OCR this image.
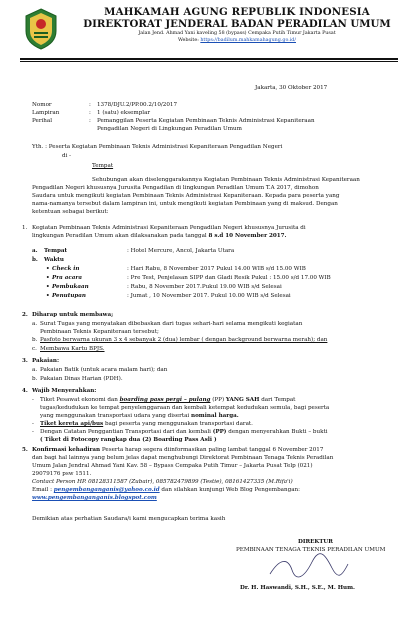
MAHKAMAH AGUNG REPUBLIK INDONESIA
DIREKTORAT JENDERAL BADAN PERADILAN UMUM
Jalan Jend. Ahmad Yani kaveling 58 (bypass) Cempaka Putih Timur Jakarta Pusat
Website: https://badilum.mahkamahagung.go.id/
Jakarta, 30 Oktober 2017
Nomor	: 1378/DJU.2/PP.00.2/10/2017
Lampiran	: 1 (satu) eksemplar
Perihal	: Pemanggilan Peserta Kegiatan Pembinaan Teknis Administrasi Kepaniteraan
Pengadilan Negeri di Lingkungan Peradilan Umum
Yth. : Peserta Kegiatan Pembinaan Teknis Administrasi Kepaniteraan Pengadilan Negeri
di -
Tempat
Sehubungan akan diselenggarakannya Kegiatan Pembinaan Teknis Administrasi Kepaniteraan
Pengadilan Negeri khususnya Jurusita Pengadilan di lingkungan Peradilan Umum T.A 2017, dimohon
Saudara untuk mengikuti kegiatan Pembinaan Teknis Administrasi Kepaniteraan. Kepada para peserta yang
nama-namanya tersebut dalam lampiran ini, untuk mengikuti kegiatan Pembinaan yang di maksud. Dengan
ketentuan sebagai berikut:
1. Kegiatan Pembinaan Teknis Administrasi Kepaniteraan Pengadilan Negeri khususnya Jurusita di
lingkungan Peradilan Umum akan dilaksanakan pada tanggal 8 s.d 10 November 2017.
a. Tempat	: Hotel Mercure, Ancol, Jakarta Utara
b. Waktu
• Check in	: Hari Rabu, 8 November 2017 Pukul 14.00 WIB s/d 15.00 WIB
• Pra acara	: Pre Test, Penjelasan SIPP dan Gladi Resik Pukul : 15.00 s/d 17.00 WIB
• Pembukaan	: Rabu, 8 November 2017.Pukul 19.00 WIB s/d Selesai
• Penutupan	: Jumat , 10 November 2017. Pukul 10.00 WIB s/d Selesai
2. Diharap untuk membawa;
a. Surat Tugas yang menyatakan dibebaskan dari tugas sehari-hari selama mengikuti kegiatan
Pembinaan Teknis Kepaniteraan tersebut;
b. Pasfoto berwarna ukuran 3 x 4 sebanyak 2 (dua) lembar ( dengan background berwarna merah); dan
c. Membawa Kartu BPJS.
3. Pakaian:
a. Pakaian Batik (untuk acara malam hari); dan
b. Pakaian Dinas Harian (PDH).
4. Wajib Menyerahkan:
- Tiket Pesawat ekonomi dan boarding pass pergi – pulang (PP) YANG SAH dari Tempat
tugas/kedudukan ke tempat penyelenggaraan dan kembali ketempat kedudukan semula, bagi peserta
yang menggunakan transportasi udara yang disertai nominal harga.
- Tiket kereta api/bus bagi peserta yang menggunakan transportasi darat.
- Dengan Catatan Penggantian Transportasi dari dan kembali (PP) dengan menyerahkan Bukti – bukti
( Tiket di Fotocopy rangkap dua (2) Boarding Pass Asli )
5. Konfirmasi kehadiran Peserta harap segera diinformasikan paling lambat tanggal 6 November 2017
dan bagi hal lainnya yang belum jelas dapat menghubungi Direktorat Pembinaan Tenaga Teknis Peradilan
Umum Jalan Jendral Ahmad Yani Kav. 58 – Bypass Cempaka Putih Timur – Jakarta Pusat Telp (021)
29079176 psw 1511.
Contact Person HP. 08128311587 (Zubair), 085782479899 (Testie), 08161427335 (M.Rifa'i)
Email : pengembanganganis@yahoo.co.id dan silahkan kunjungi Web Blog Pengembangan:
www.pengembanganganis.blogspot.com
Demikian atas perhatian Saudara/i kami mengucapkan terima kasih
DIREKTUR
PEMBINAAN TENAGA TEKNIS PERADILAN UMUM
Dr. H. Haswandi, S.H., S.E., M. Hum.
